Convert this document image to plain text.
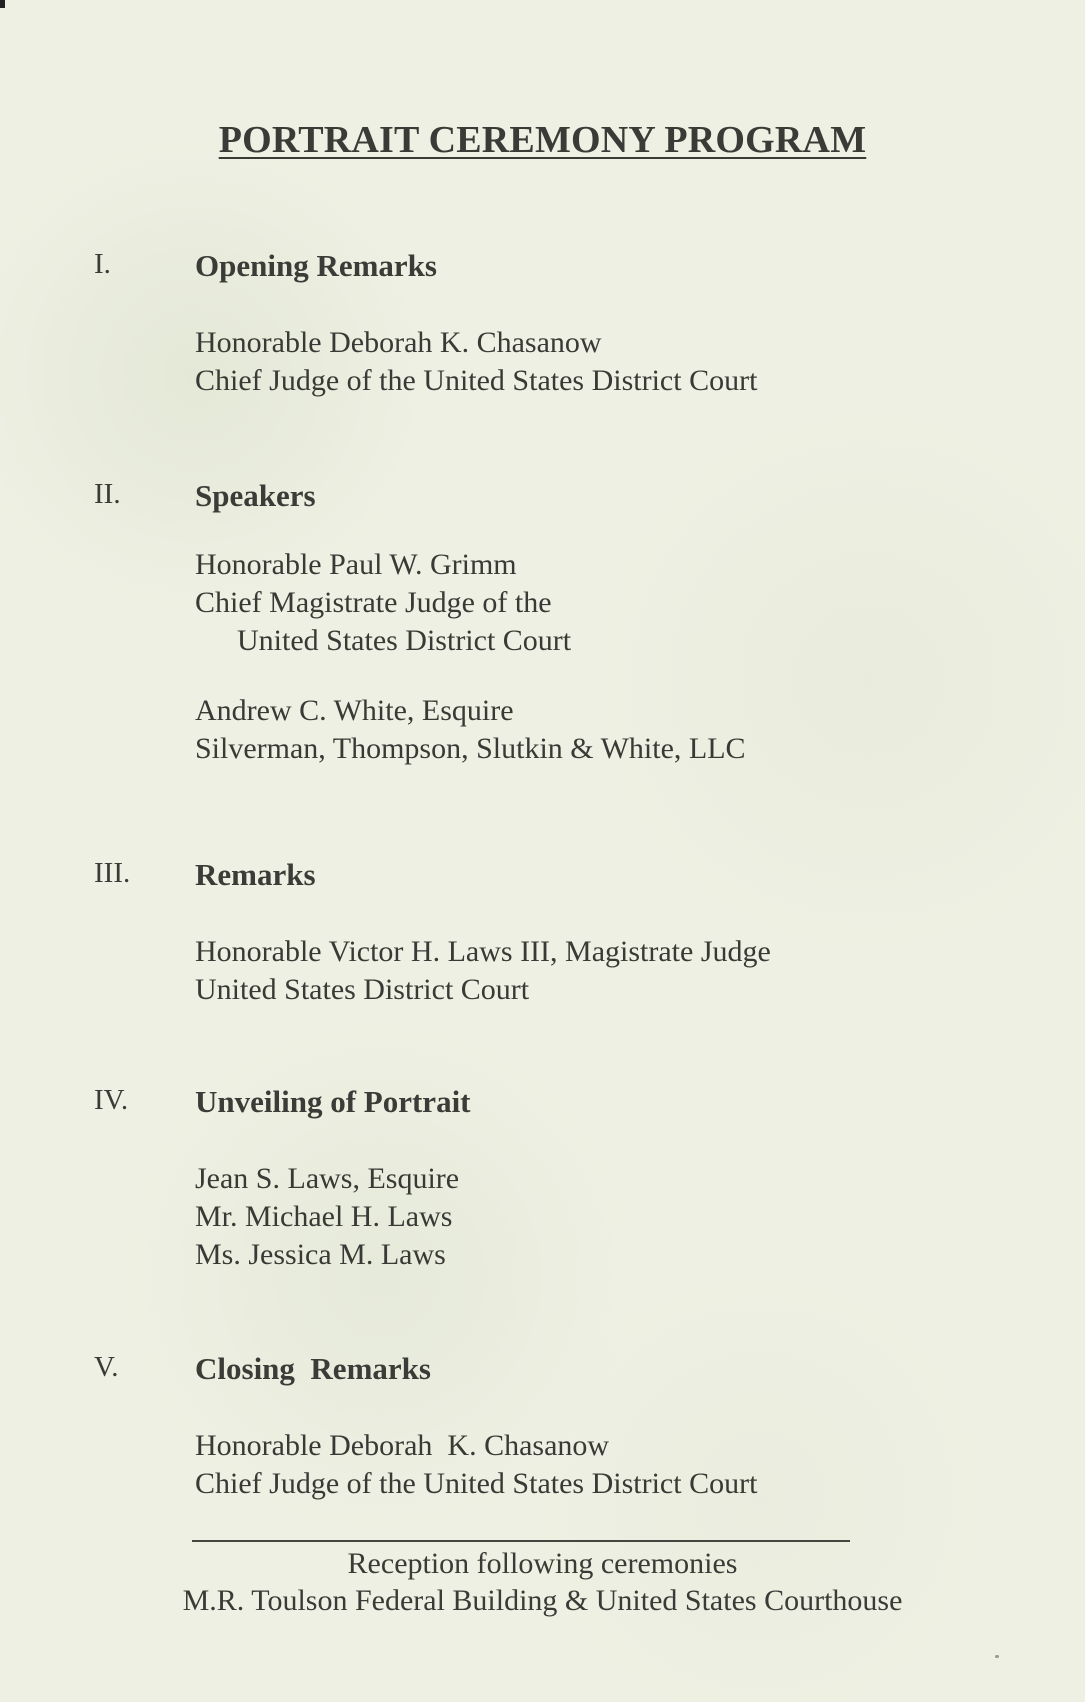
PORTRAIT CEREMONY PROGRAM
I.	Opening Remarks
Honorable Deborah K. Chasanow
Chief Judge of the United States District Court
II. Speakers
Honorable Paul W. Grimm
Chief Magistrate Judge of the
United States District Court
Andrew C. White, Esquire
Silverman, Thompson, Slutkin & White, LLC
III. Remarks
Honorable Victor H. Laws III, Magistrate Judge
United States District Court
IV. Unveiling of Portrait
Jean S. Laws, Esquire
Mr. Michael H. Laws
Ms. Jessica M. Laws
V. Closing  Remarks
Honorable Deborah  K. Chasanow
Chief Judge of the United States District Court
Reception following ceremonies
M.R. Toulson Federal Building & United States Courthouse
